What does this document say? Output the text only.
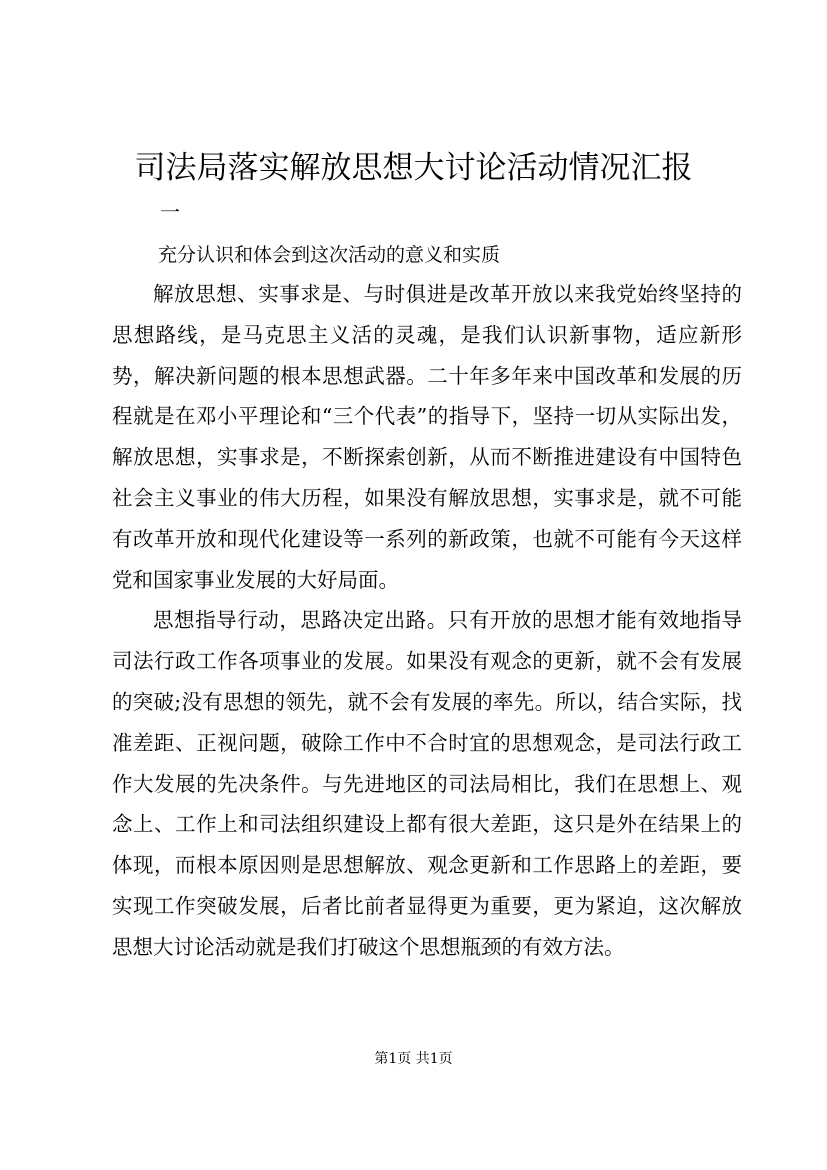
司法局落实解放思想大讨论活动情况汇报
一
充分认识和体会到这次活动的意义和实质

解放思想、实事求是、与时俱进是改革开放以来我党始终坚持的思想路线，是马克思主义活的灵魂，是我们认识新事物，适应新形势，解决新问题的根本思想武器。二十年多年来中国改革和发展的历程就是在邓小平理论和“三个代表”的指导下，坚持一切从实际出发，解放思想，实事求是，不断探索创新，从而不断推进建设有中国特色社会主义事业的伟大历程，如果没有解放思想，实事求是，就不可能有改革开放和现代化建设等一系列的新政策，也就不可能有今天这样党和国家事业发展的大好局面。

思想指导行动，思路决定出路。只有开放的思想才能有效地指导司法行政工作各项事业的发展。如果没有观念的更新，就不会有发展的突破;没有思想的领先，就不会有发展的率先。所以，结合实际，找准差距、正视问题，破除工作中不合时宜的思想观念，是司法行政工作大发展的先决条件。与先进地区的司法局相比，我们在思想上、观念上、工作上和司法组织建设上都有很大差距，这只是外在结果上的体现，而根本原因则是思想解放、观念更新和工作思路上的差距，要实现工作突破发展，后者比前者显得更为重要，更为紧迫，这次解放思想大讨论活动就是我们打破这个思想瓶颈的有效方法。

第1页 共1页
